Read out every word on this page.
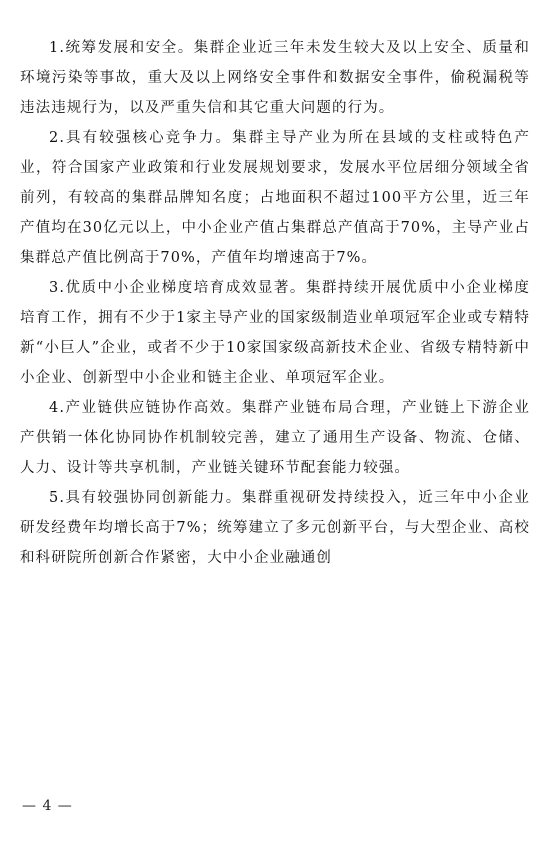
1.统筹发展和安全。集群企业近三年未发生较大及以上安全、质量和环境污染等事故，重大及以上网络安全事件和数据安全事件，偷税漏税等违法违规行为，以及严重失信和其它重大问题的行为。

2.具有较强核心竞争力。集群主导产业为所在县域的支柱或特色产业，符合国家产业政策和行业发展规划要求，发展水平位居细分领域全省前列，有较高的集群品牌知名度；占地面积不超过100平方公里，近三年产值均在30亿元以上，中小企业产值占集群总产值高于70%，主导产业占集群总产值比例高于70%，产值年均增速高于7%。

3.优质中小企业梯度培育成效显著。集群持续开展优质中小企业梯度培育工作，拥有不少于1家主导产业的国家级制造业单项冠军企业或专精特新“小巨人”企业，或者不少于10家国家级高新技术企业、省级专精特新中小企业、创新型中小企业和链主企业、单项冠军企业。

4.产业链供应链协作高效。集群产业链布局合理，产业链上下游企业产供销一体化协同协作机制较完善，建立了通用生产设备、物流、仓储、人力、设计等共享机制，产业链关键环节配套能力较强。

5.具有较强协同创新能力。集群重视研发持续投入，近三年中小企业研发经费年均增长高于7%；统筹建立了多元创新平台，与大型企业、高校和科研院所创新合作紧密，大中小企业融通创

— 4 —
